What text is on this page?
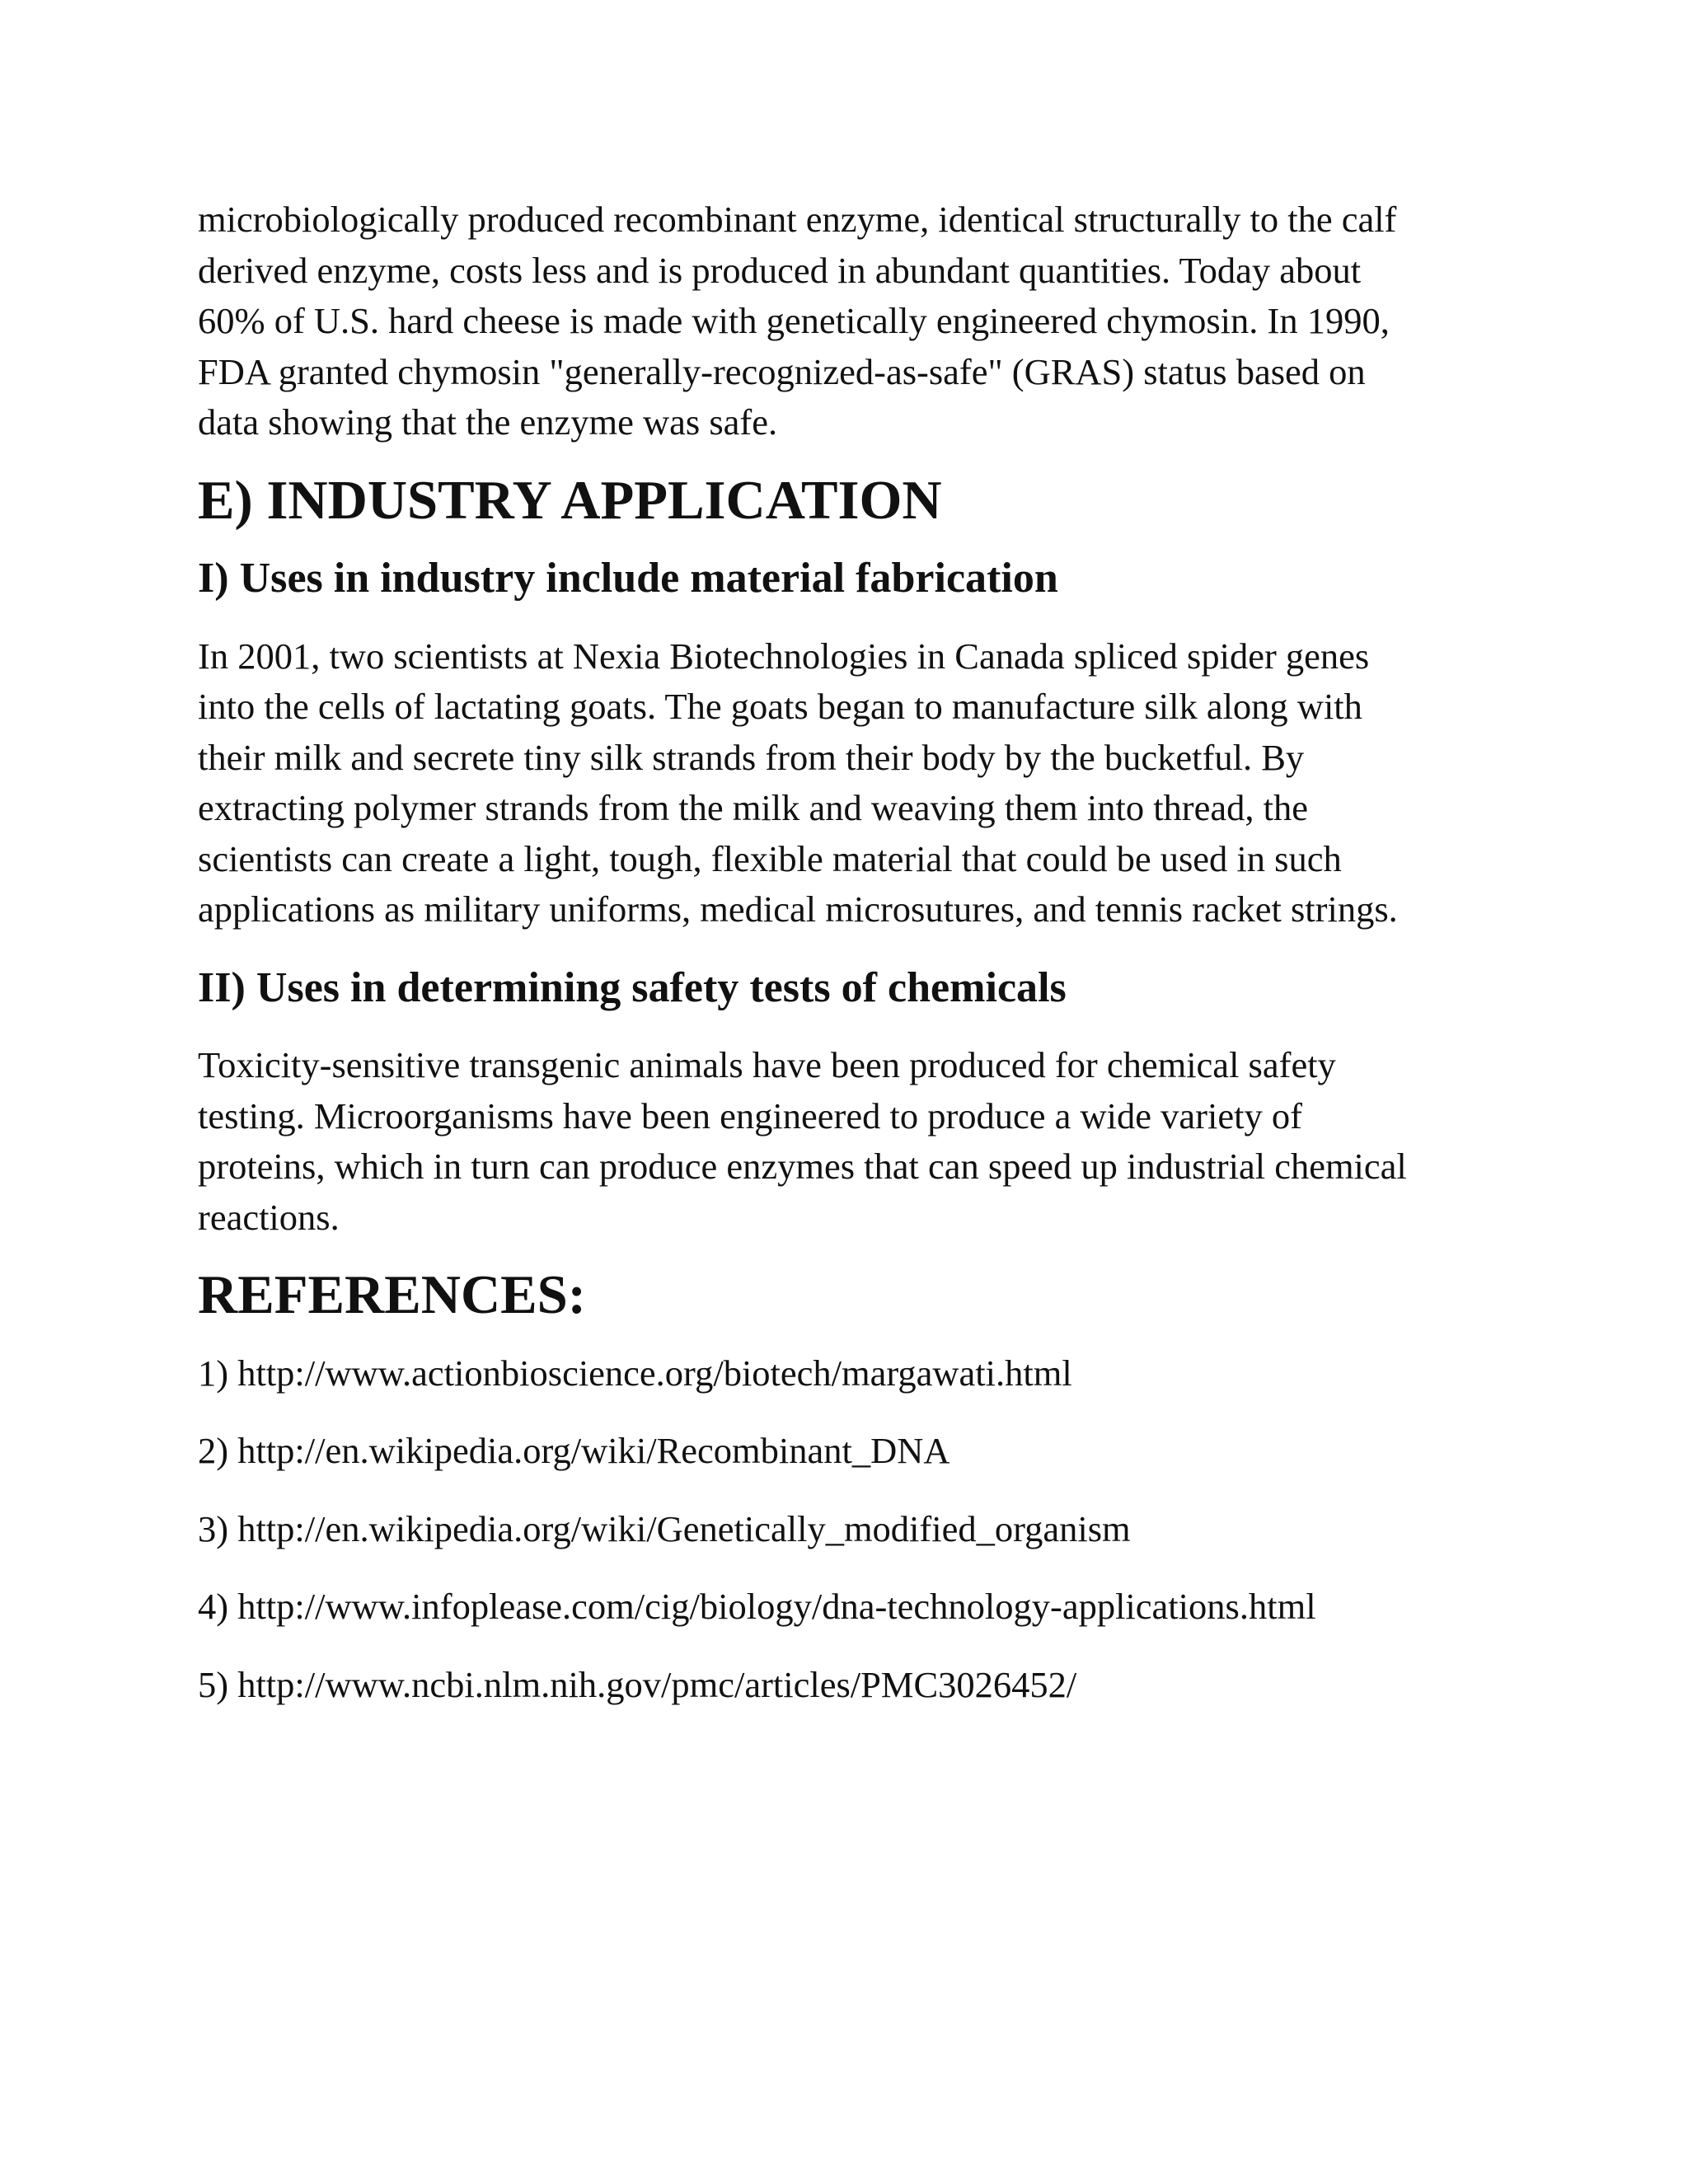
microbiologically produced recombinant enzyme, identical structurally to the calf
derived enzyme, costs less and is produced in abundant quantities. Today about
60% of U.S. hard cheese is made with genetically engineered chymosin. In 1990,
FDA granted chymosin "generally-recognized-as-safe" (GRAS) status based on
data showing that the enzyme was safe.

E) INDUSTRY APPLICATION
I) Uses in industry include material fabrication

In 2001, two scientists at Nexia Biotechnologies in Canada spliced spider genes
into the cells of lactating goats. The goats began to manufacture silk along with
their milk and secrete tiny silk strands from their body by the bucketful. By
extracting polymer strands from the milk and weaving them into thread, the
scientists can create a light, tough, flexible material that could be used in such
applications as military uniforms, medical microsutures, and tennis racket strings.

II) Uses in determining safety tests of chemicals

Toxicity-sensitive transgenic animals have been produced for chemical safety
testing. Microorganisms have been engineered to produce a wide variety of
proteins, which in turn can produce enzymes that can speed up industrial chemical
reactions.

REFERENCES:

1) http://www.actionbioscience.org/biotech/margawati.html

2) http://en.wikipedia.org/wiki/Recombinant_DNA

3) http://en.wikipedia.org/wiki/Genetically_modified_organism

4) http://www.infoplease.com/cig/biology/dna-technology-applications.html

5) http://www.ncbi.nlm.nih.gov/pmc/articles/PMC3026452/
